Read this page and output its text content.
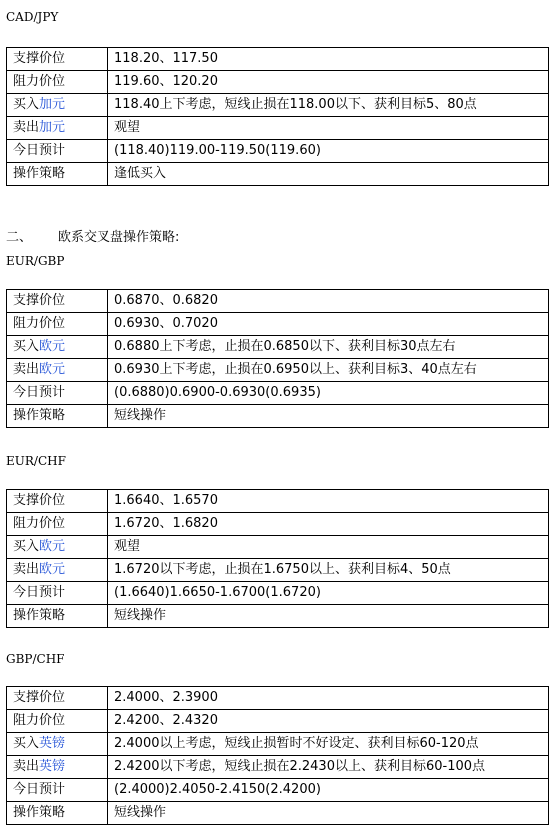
CAD/JPY
支撑价位	118.20、117.50
阻力价位	119.60、120.20
买入加元	118.40上下考虑，短线止损在118.00以下、获利目标5、80点
卖出加元	观望
今日预计	(118.40)119.00-119.50(119.60)
操作策略	逢低买入
二、 欧系交叉盘操作策略:
EUR/GBP
支撑价位	0.6870、0.6820
阻力价位	0.6930、0.7020
买入欧元	0.6880上下考虑，止损在0.6850以下、获利目标30点左右
卖出欧元	0.6930上下考虑，止损在0.6950以上、获利目标3、40点左右
今日预计	(0.6880)0.6900-0.6930(0.6935)
操作策略	短线操作
EUR/CHF
支撑价位	1.6640、1.6570
阻力价位	1.6720、1.6820
买入欧元	观望
卖出欧元	1.6720以下考虑，止损在1.6750以上、获利目标4、50点
今日预计	(1.6640)1.6650-1.6700(1.6720)
操作策略	短线操作
GBP/CHF
支撑价位	2.4000、2.3900
阻力价位	2.4200、2.4320
买入英镑	2.4000以上考虑，短线止损暂时不好设定、获利目标60-120点
卖出英镑	2.4200以下考虑，短线止损在2.2430以上、获利目标60-100点
今日预计	(2.4000)2.4050-2.4150(2.4200)
操作策略	短线操作
